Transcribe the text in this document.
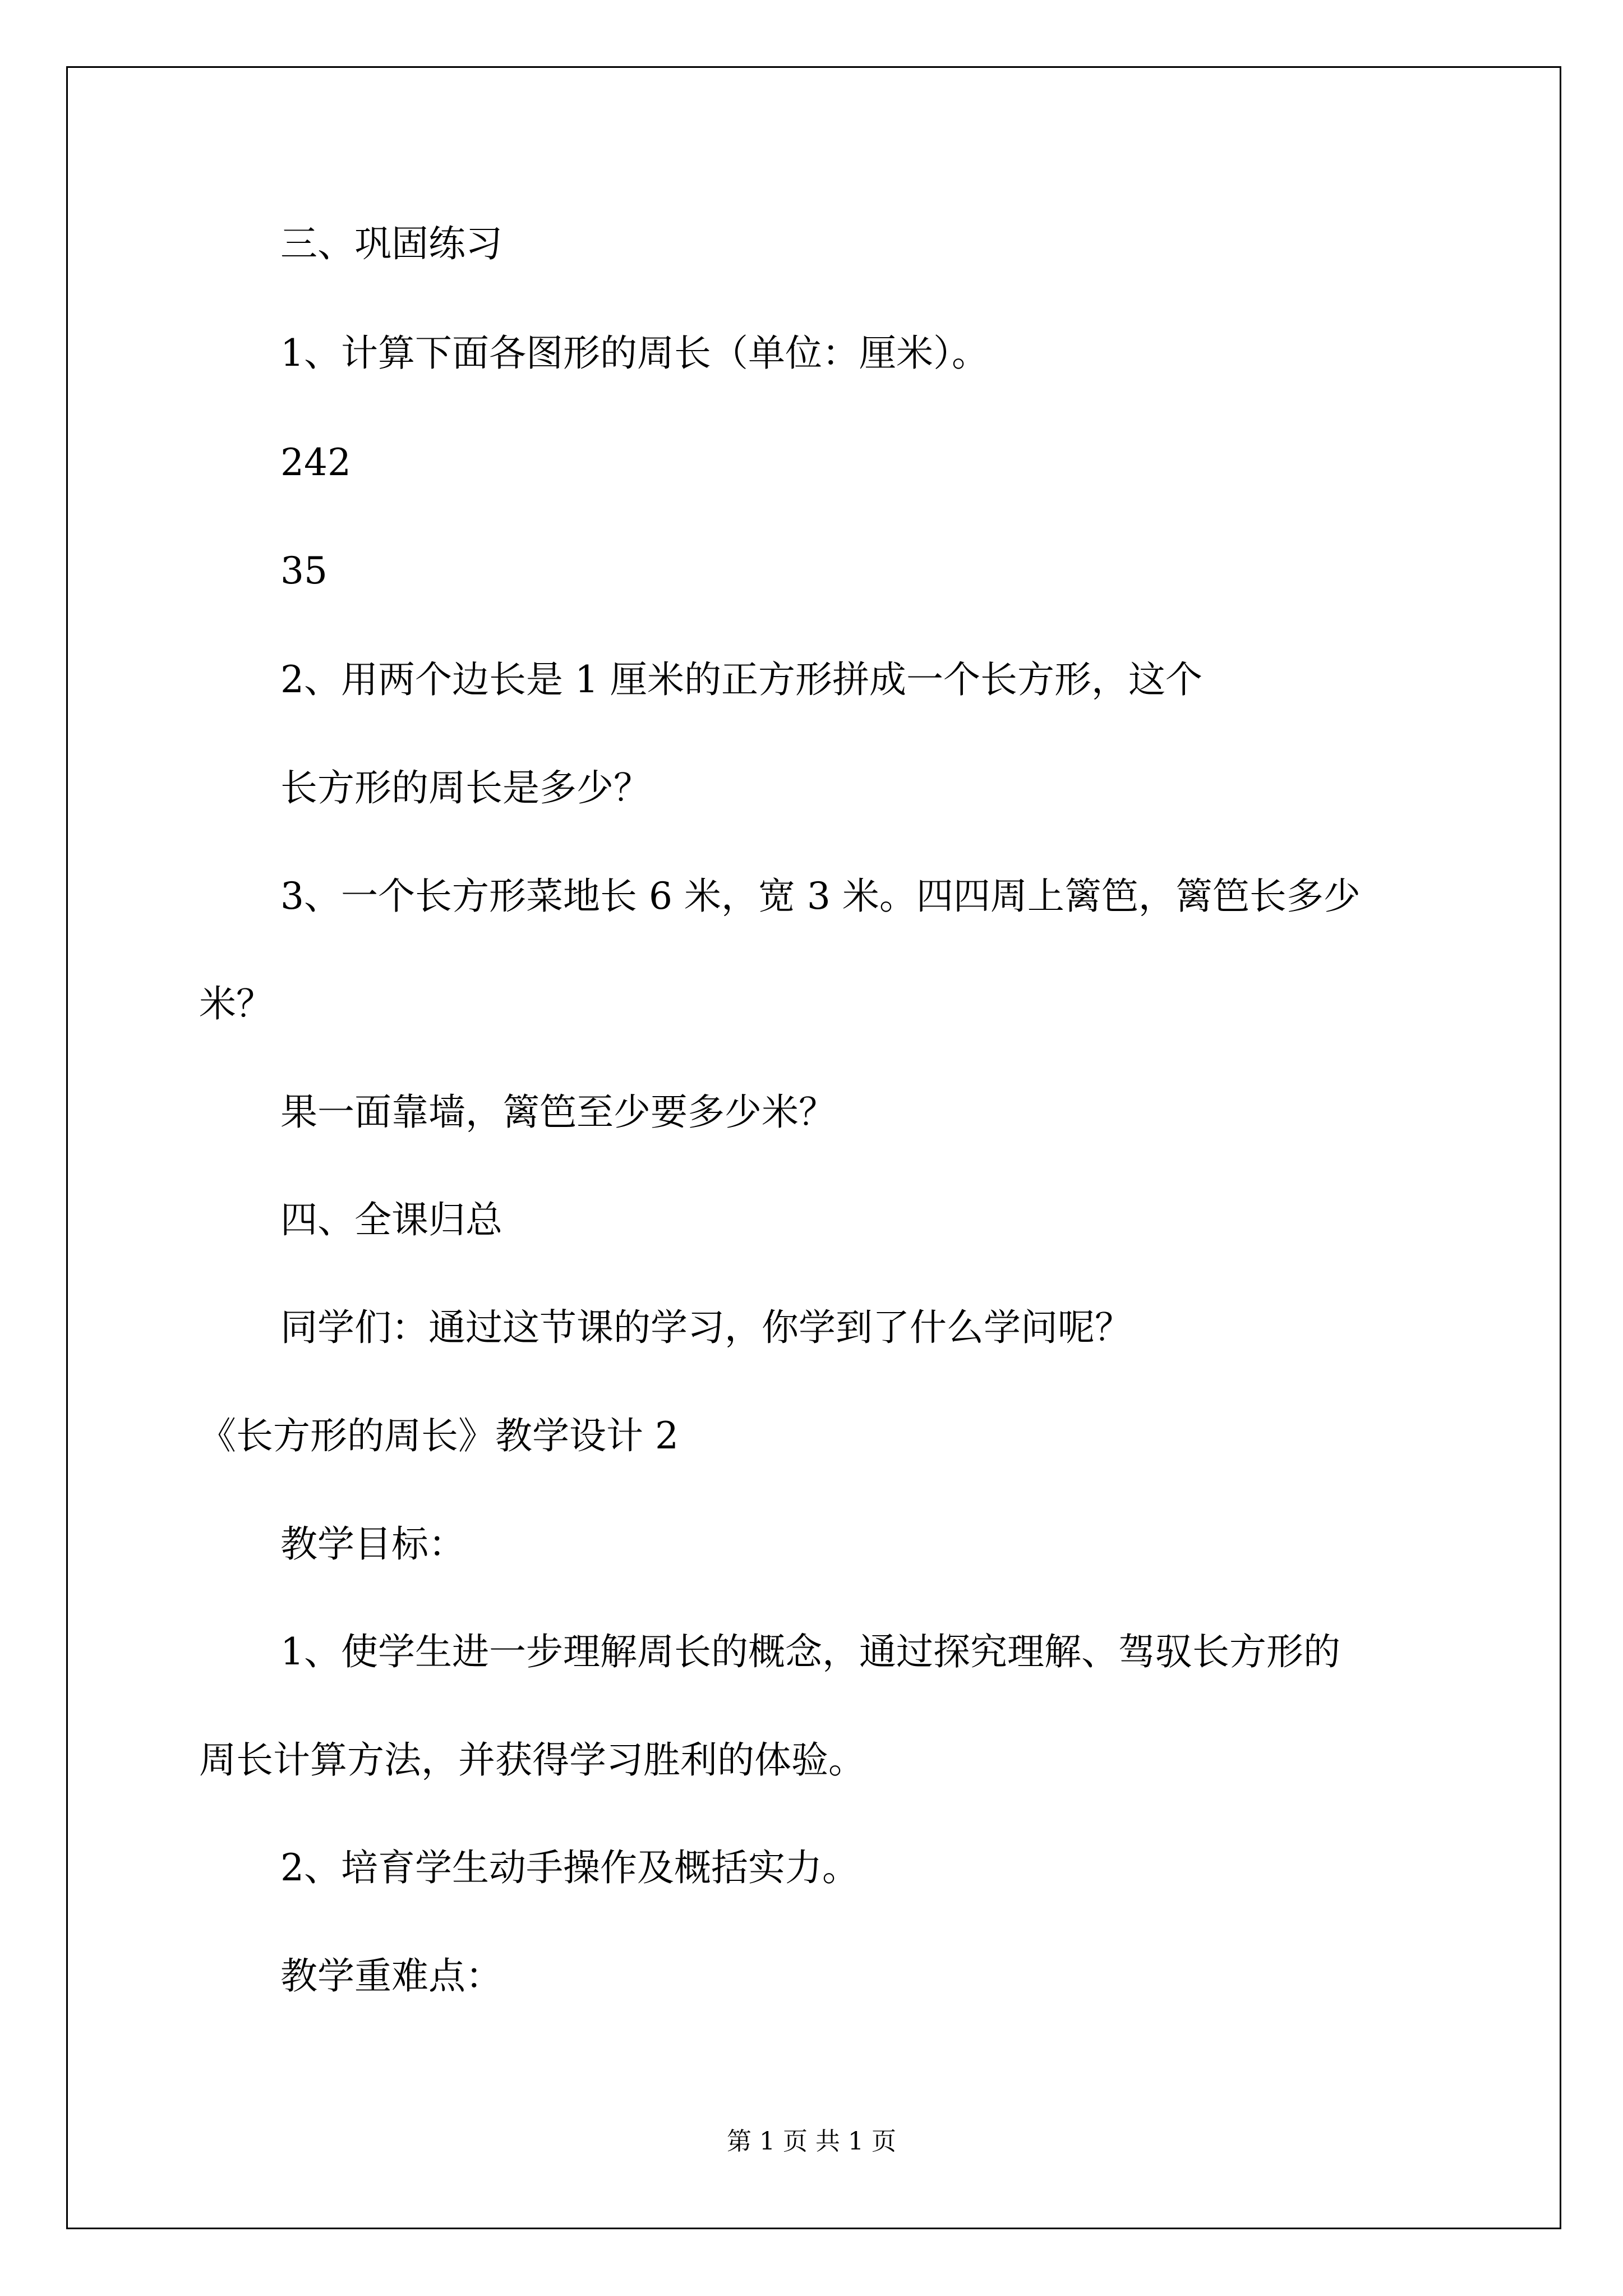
三、巩固练习
1、计算下面各图形的周长（单位：厘米）。
242
35
2、用两个边长是 1 厘米的正方形拼成一个长方形，这个
长方形的周长是多少？
3、一个长方形菜地长 6 米，宽 3 米。四四周上篱笆，篱笆长多少
米？
果一面靠墙，篱笆至少要多少米？
四、全课归总
同学们：通过这节课的学习，你学到了什么学问呢？
《长方形的周长》教学设计 2
教学目标：
1、使学生进一步理解周长的概念，通过探究理解、驾驭长方形的
周长计算方法，并获得学习胜利的体验。
2、培育学生动手操作及概括实力。
教学重难点：
第 1 页 共 1 页
